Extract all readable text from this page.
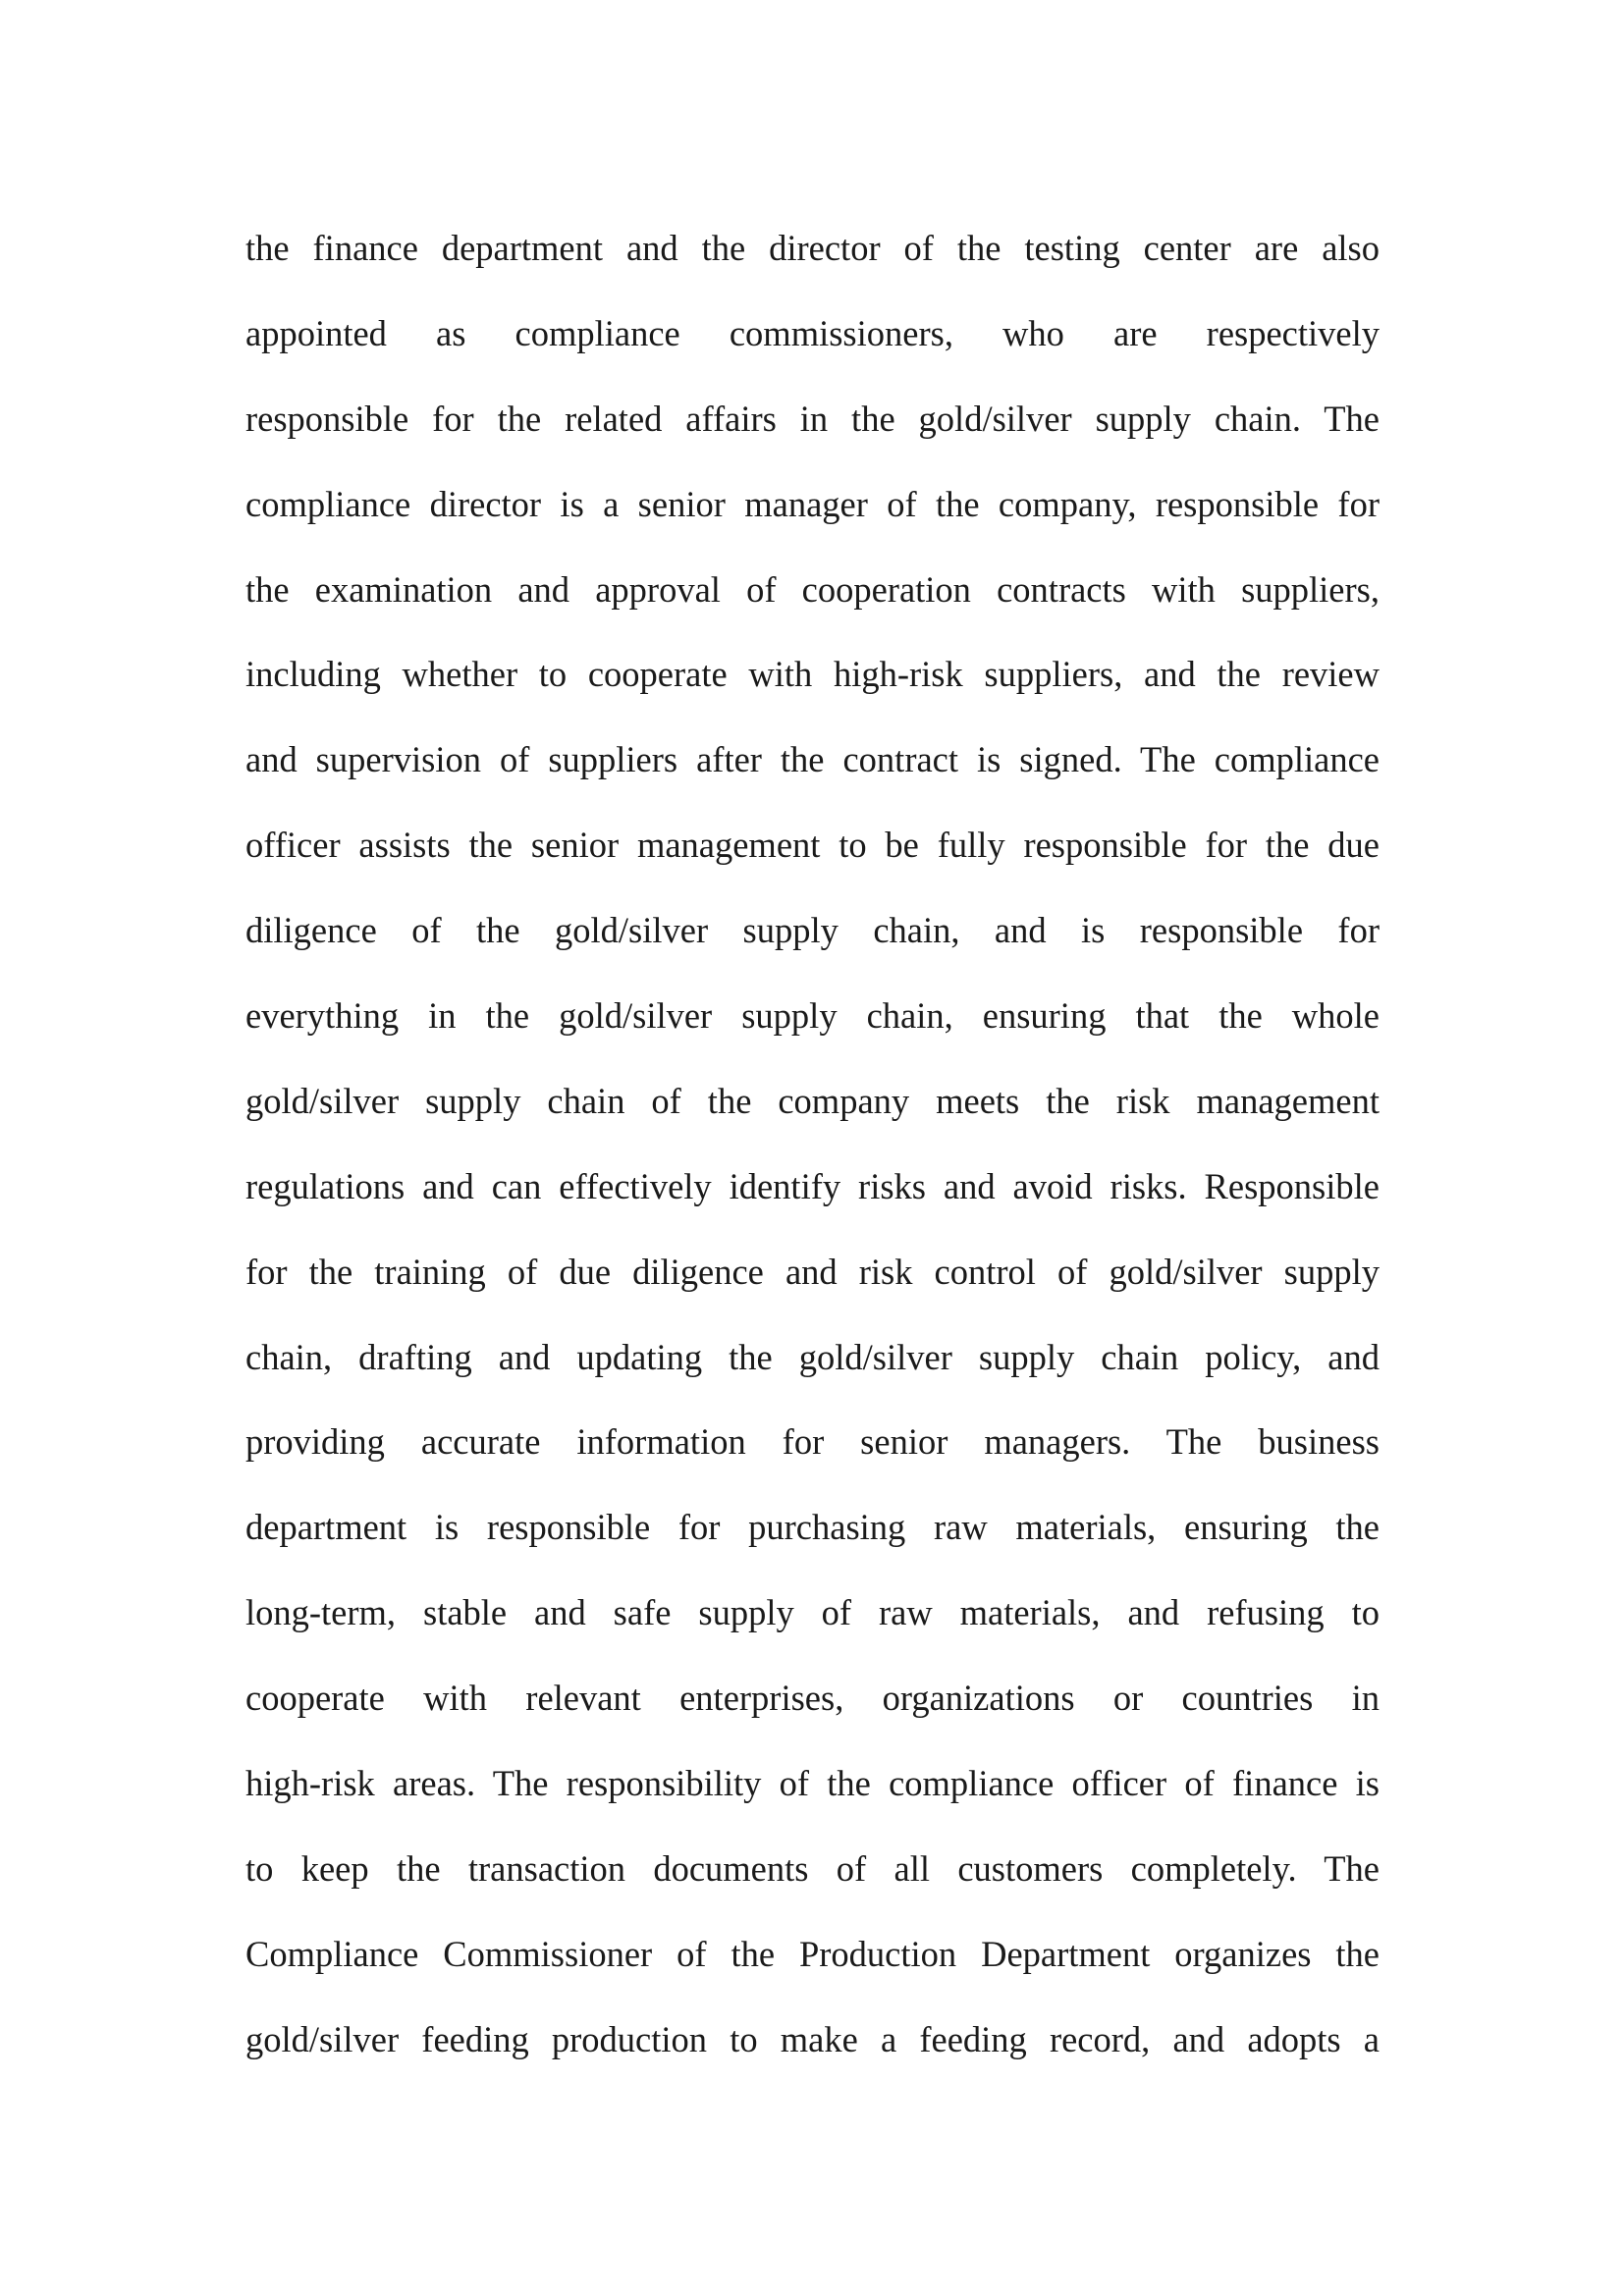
the finance department and the director of the testing center are also
appointed as compliance commissioners, who are respectively
responsible for the related affairs in the gold/silver supply chain. The
compliance director is a senior manager of the company, responsible for
the examination and approval of cooperation contracts with suppliers,
including whether to cooperate with high-risk suppliers, and the review
and supervision of suppliers after the contract is signed. The compliance
officer assists the senior management to be fully responsible for the due
diligence of the gold/silver supply chain, and is responsible for
everything in the gold/silver supply chain, ensuring that the whole
gold/silver supply chain of the company meets the risk management
regulations and can effectively identify risks and avoid risks. Responsible
for the training of due diligence and risk control of gold/silver supply
chain, drafting and updating the gold/silver supply chain policy, and
providing accurate information for senior managers. The business
department is responsible for purchasing raw materials, ensuring the
long-term, stable and safe supply of raw materials, and refusing to
cooperate with relevant enterprises, organizations or countries in
high-risk areas. The responsibility of the compliance officer of finance is
to keep the transaction documents of all customers completely. The
Compliance Commissioner of the Production Department organizes the
gold/silver feeding production to make a feeding record, and adopts a
